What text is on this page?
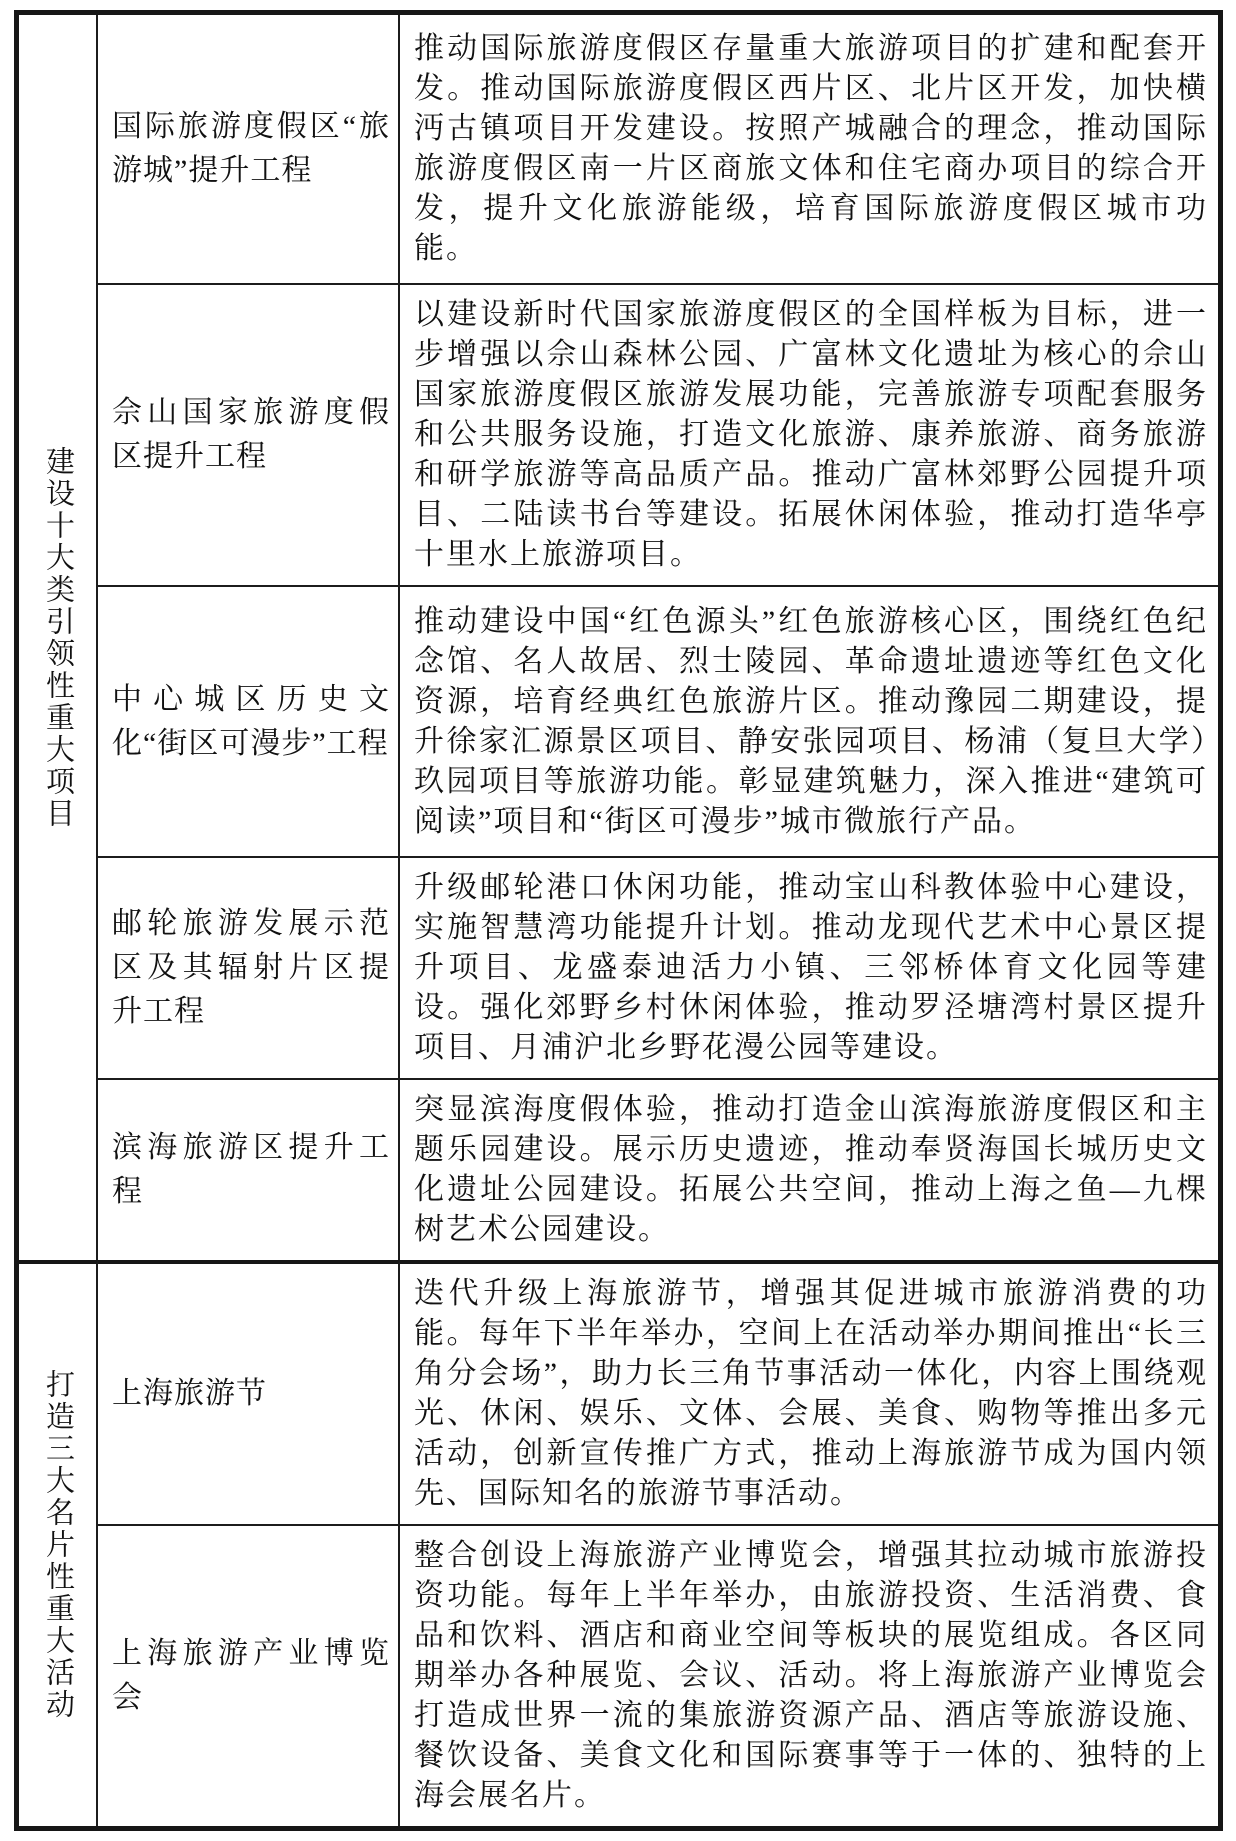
建设十大类引领性重大项目
打造三大名片性重大活动
国际旅游度假区“旅游城”提升工程
推动国际旅游度假区存量重大旅游项目的扩建和配套开发。推动国际旅游度假区西片区、北片区开发，加快横沔古镇项目开发建设。按照产城融合的理念，推动国际旅游度假区南一片区商旅文体和住宅商办项目的综合开发，提升文化旅游能级，培育国际旅游度假区城市功能。
佘山国家旅游度假区提升工程
以建设新时代国家旅游度假区的全国样板为目标，进一步增强以佘山森林公园、广富林文化遗址为核心的佘山国家旅游度假区旅游发展功能，完善旅游专项配套服务和公共服务设施，打造文化旅游、康养旅游、商务旅游和研学旅游等高品质产品。推动广富林郊野公园提升项目、二陆读书台等建设。拓展休闲体验，推动打造华亭十里水上旅游项目。
中心城区历史文化“街区可漫步”工程
推动建设中国“红色源头”红色旅游核心区，围绕红色纪念馆、名人故居、烈士陵园、革命遗址遗迹等红色文化资源，培育经典红色旅游片区。推动豫园二期建设，提升徐家汇源景区项目、静安张园项目、杨浦（复旦大学）玖园项目等旅游功能。彰显建筑魅力，深入推进“建筑可阅读”项目和“街区可漫步”城市微旅行产品。
邮轮旅游发展示范区及其辐射片区提升工程
升级邮轮港口休闲功能，推动宝山科教体验中心建设，实施智慧湾功能提升计划。推动龙现代艺术中心景区提升项目、龙盛泰迪活力小镇、三邻桥体育文化园等建设。强化郊野乡村休闲体验，推动罗泾塘湾村景区提升项目、月浦沪北乡野花漫公园等建设。
滨海旅游区提升工程
突显滨海度假体验，推动打造金山滨海旅游度假区和主题乐园建设。展示历史遗迹，推动奉贤海国长城历史文化遗址公园建设。拓展公共空间，推动上海之鱼—九棵树艺术公园建设。
上海旅游节
迭代升级上海旅游节，增强其促进城市旅游消费的功能。每年下半年举办，空间上在活动举办期间推出“长三角分会场”，助力长三角节事活动一体化，内容上围绕观光、休闲、娱乐、文体、会展、美食、购物等推出多元活动，创新宣传推广方式，推动上海旅游节成为国内领先、国际知名的旅游节事活动。
上海旅游产业博览会
整合创设上海旅游产业博览会，增强其拉动城市旅游投资功能。每年上半年举办，由旅游投资、生活消费、食品和饮料、酒店和商业空间等板块的展览组成。各区同期举办各种展览、会议、活动。将上海旅游产业博览会打造成世界一流的集旅游资源产品、酒店等旅游设施、餐饮设备、美食文化和国际赛事等于一体的、独特的上海会展名片。
